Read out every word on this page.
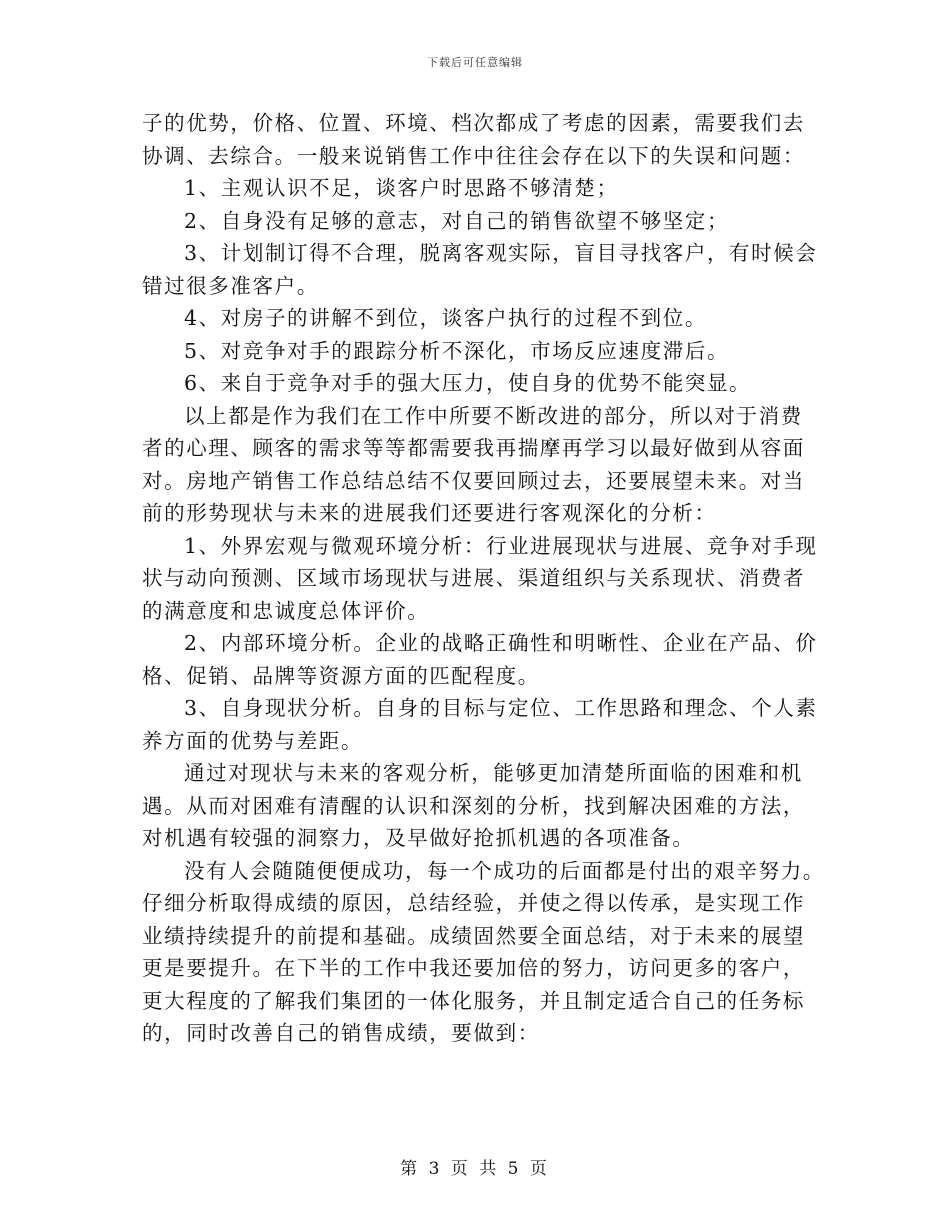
下载后可任意编辑
子的优势，价格、位置、环境、档次都成了考虑的因素，需要我们去
协调、去综合。一般来说销售工作中往往会存在以下的失误和问题：
1、主观认识不足，谈客户时思路不够清楚；
2、自身没有足够的意志，对自己的销售欲望不够坚定；
3、计划制订得不合理，脱离客观实际，盲目寻找客户，有时候会
错过很多准客户。
4、对房子的讲解不到位，谈客户执行的过程不到位。
5、对竞争对手的跟踪分析不深化，市场反应速度滞后。
6、来自于竞争对手的强大压力，使自身的优势不能突显。
以上都是作为我们在工作中所要不断改进的部分，所以对于消费
者的心理、顾客的需求等等都需要我再揣摩再学习以最好做到从容面
对。房地产销售工作总结总结不仅要回顾过去，还要展望未来。对当
前的形势现状与未来的进展我们还要进行客观深化的分析：
1、外界宏观与微观环境分析：行业进展现状与进展、竞争对手现
状与动向预测、区域市场现状与进展、渠道组织与关系现状、消费者
的满意度和忠诚度总体评价。
2、内部环境分析。企业的战略正确性和明晰性、企业在产品、价
格、促销、品牌等资源方面的匹配程度。
3、自身现状分析。自身的目标与定位、工作思路和理念、个人素
养方面的优势与差距。
通过对现状与未来的客观分析，能够更加清楚所面临的困难和机
遇。从而对困难有清醒的认识和深刻的分析，找到解决困难的方法，
对机遇有较强的洞察力，及早做好抢抓机遇的各项准备。
没有人会随随便便成功，每一个成功的后面都是付出的艰辛努力。
仔细分析取得成绩的原因，总结经验，并使之得以传承，是实现工作
业绩持续提升的前提和基础。成绩固然要全面总结，对于未来的展望
更是要提升。在下半的工作中我还要加倍的努力，访问更多的客户，
更大程度的了解我们集团的一体化服务，并且制定适合自己的任务标
的，同时改善自己的销售成绩，要做到：
第 3 页 共 5 页
